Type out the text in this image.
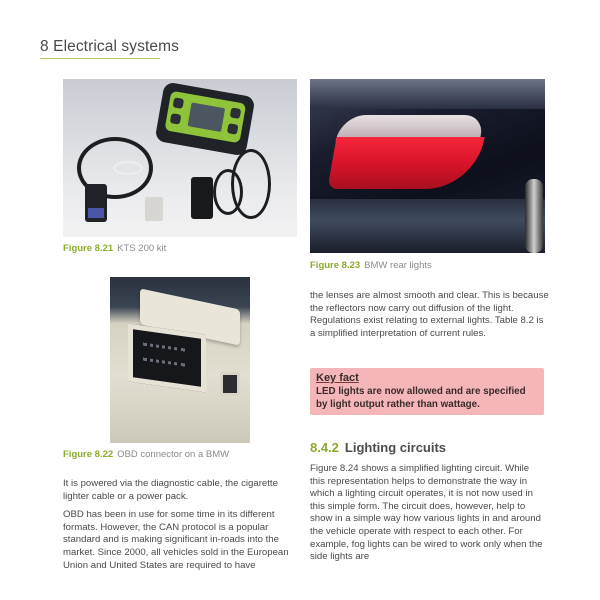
8 Electrical systems
Figure 8.21 KTS 200 kit
Figure 8.23 BMW rear lights
Figure 8.22 OBD connector on a BMW

It is powered via the diagnostic cable, the cigarette lighter cable or a power pack.

OBD has been in use for some time in its different formats. However, the CAN protocol is a popular standard and is making significant in-roads into the market. Since 2000, all vehicles sold in the European Union and United States are required to have

the lenses are almost smooth and clear. This is because the reflectors now carry out diffusion of the light. Regulations exist relating to external lights. Table 8.2 is a simplified interpretation of current rules.

Key fact
LED lights are now allowed and are specified by light output rather than wattage.
8.4.2 Lighting circuits

Figure 8.24 shows a simplified lighting circuit. While this representation helps to demonstrate the way in which a lighting circuit operates, it is not now used in this simple form. The circuit does, however, help to show in a simple way how various lights in and around the vehicle operate with respect to each other. For example, fog lights can be wired to work only when the side lights are
